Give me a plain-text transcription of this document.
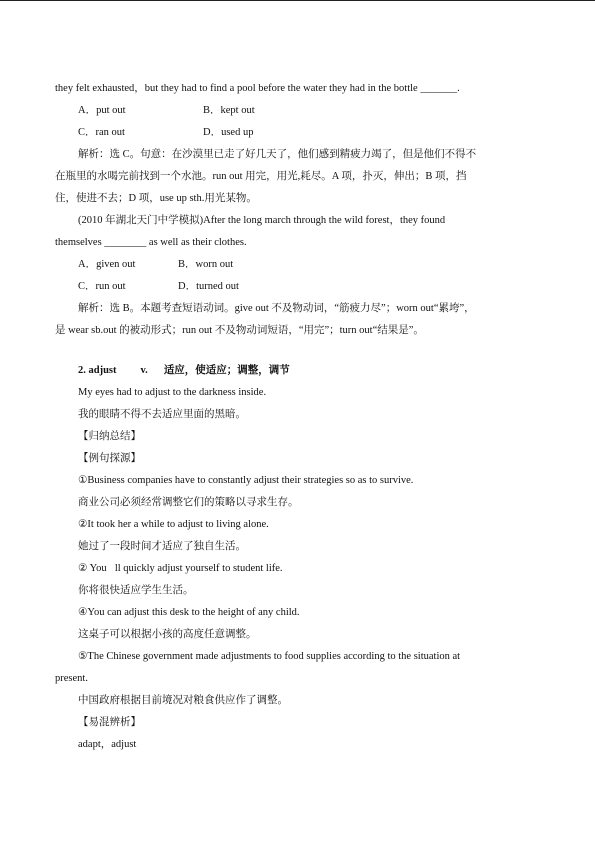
they felt exhausted，but they had to find a pool before the water they had in the bottle _______.

A．put out	B．kept out

C．ran out	D．used up

解析：选 C。句意：在沙漠里已走了好几天了，他们感到精疲力竭了，但是他们不得不

在瓶里的水喝完前找到一个水池。run out 用完，用光,耗尽。A 项，扑灭，伸出；B 项，挡

住，使进不去；D 项，use up sth.用光某物。

(2010 年湖北天门中学模拟)After the long march through the wild forest，they found

themselves ________ as well as their clothes.

A．given out	B．worn out

C．run out	D．turned out

解析：选 B。本题考查短语动词。give out 不及物动词，“筋疲力尽”；worn out“累垮”，

是 wear sb.out 的被动形式；run out 不及物动词短语，“用完”；turn out“结果是”。

2. adjust v. 适应，使适应；调整，调节

My eyes had to adjust to the darkness inside.

我的眼睛不得不去适应里面的黑暗。

【归纳总结】

【例句探源】

①Business companies have to constantly adjust their strategies so as to survive.

商业公司必须经常调整它们的策略以寻求生存。

②It took her a while to adjust to living alone.

她过了一段时间才适应了独自生活。

② You ll quickly adjust yourself to student life.

你将很快适应学生生活。

④You can adjust this desk to the height of any child.

这桌子可以根据小孩的高度任意调整。

⑤The Chinese government made adjustments to food supplies according to the situation at

present.

中国政府根据目前境况对粮食供应作了调整。

【易混辨析】

adapt，adjust
